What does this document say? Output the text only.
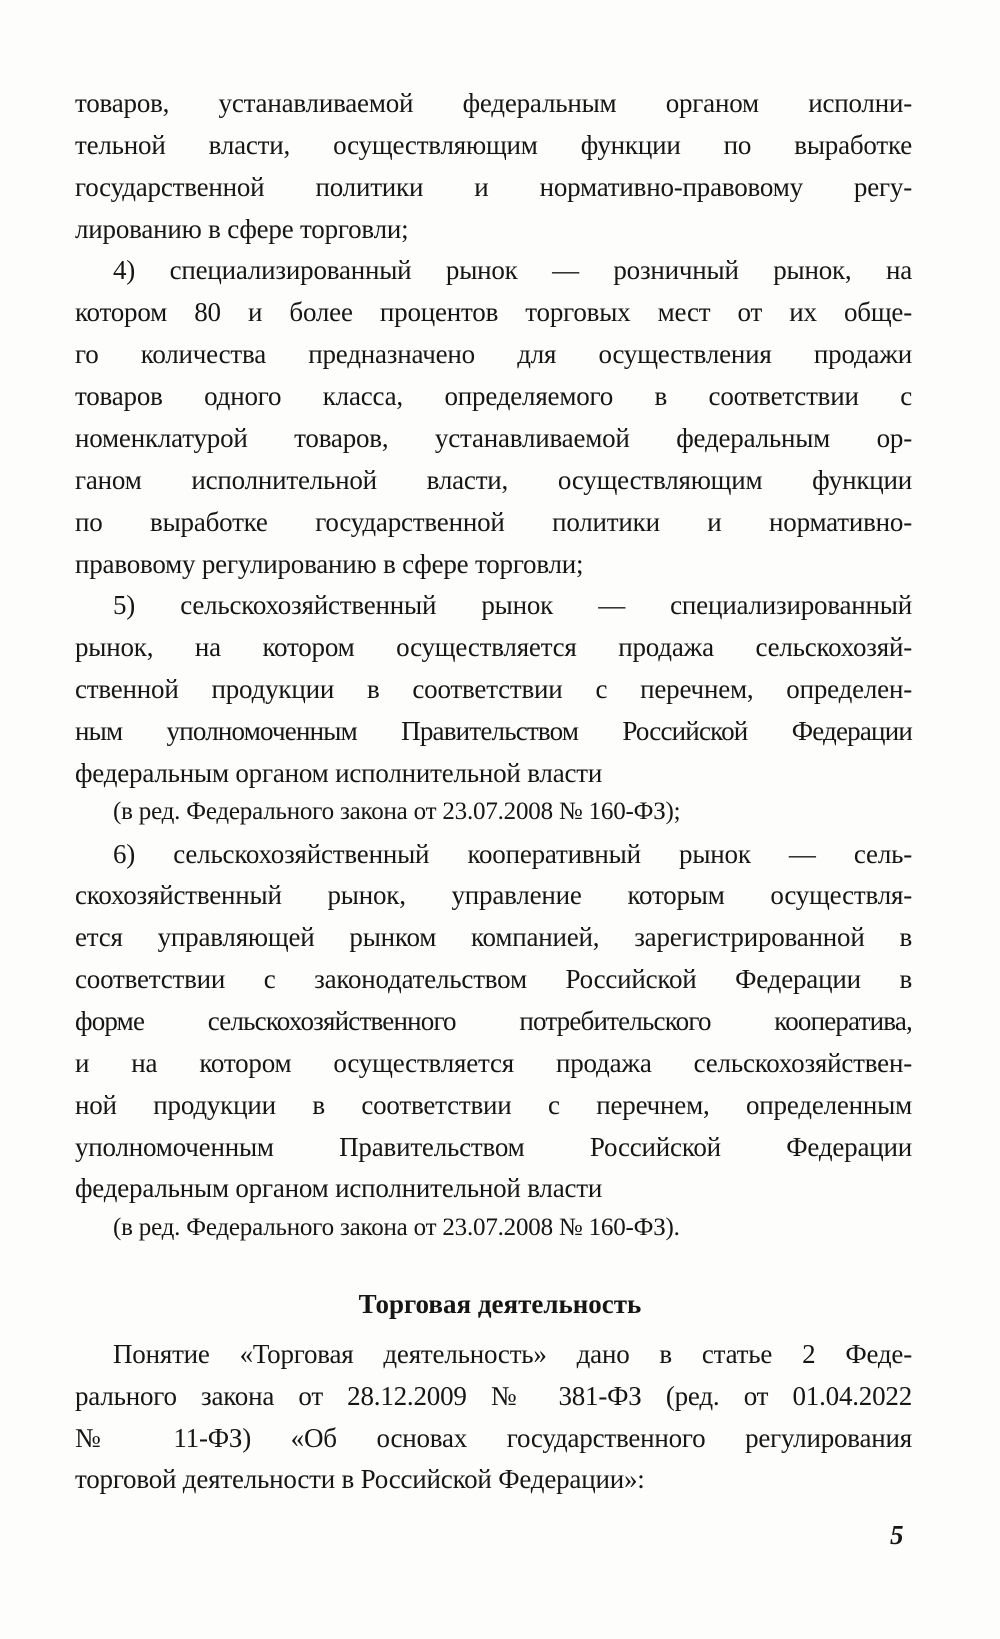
товаров, устанавливаемой федеральным органом исполни-
тельной власти, осуществляющим функции по выработке
государственной политики и нормативно-правовому регу-
лированию в сфере торговли;
4) специализированный рынок — розничный рынок, на
котором 80 и более процентов торговых мест от их обще-
го количества предназначено для осуществления продажи
товаров одного класса, определяемого в соответствии с
номенклатурой товаров, устанавливаемой федеральным ор-
ганом исполнительной власти, осуществляющим функции
по выработке государственной политики и нормативно-
правовому регулированию в сфере торговли;
5) сельскохозяйственный рынок — специализированный
рынок, на котором осуществляется продажа сельскохозяй-
ственной продукции в соответствии с перечнем, определен-
ным уполномоченным Правительством Российской Федерации
федеральным органом исполнительной власти
(в ред. Федерального закона от 23.07.2008 № 160-ФЗ);
6) сельскохозяйственный кооперативный рынок — сель-
скохозяйственный рынок, управление которым осуществля-
ется управляющей рынком компанией, зарегистрированной в
соответствии с законодательством Российской Федерации в
форме сельскохозяйственного потребительского кооператива,
и на котором осуществляется продажа сельскохозяйствен-
ной продукции в соответствии с перечнем, определенным
уполномоченным Правительством Российской Федерации
федеральным органом исполнительной власти
(в ред. Федерального закона от 23.07.2008 № 160-ФЗ).
Торговая деятельность
Понятие «Торговая деятельность» дано в статье 2 Феде-
рального закона от 28.12.2009 № 381-ФЗ (ред. от 01.04.2022
№ 11-ФЗ) «Об основах государственного регулирования
торговой деятельности в Российской Федерации»:
5
